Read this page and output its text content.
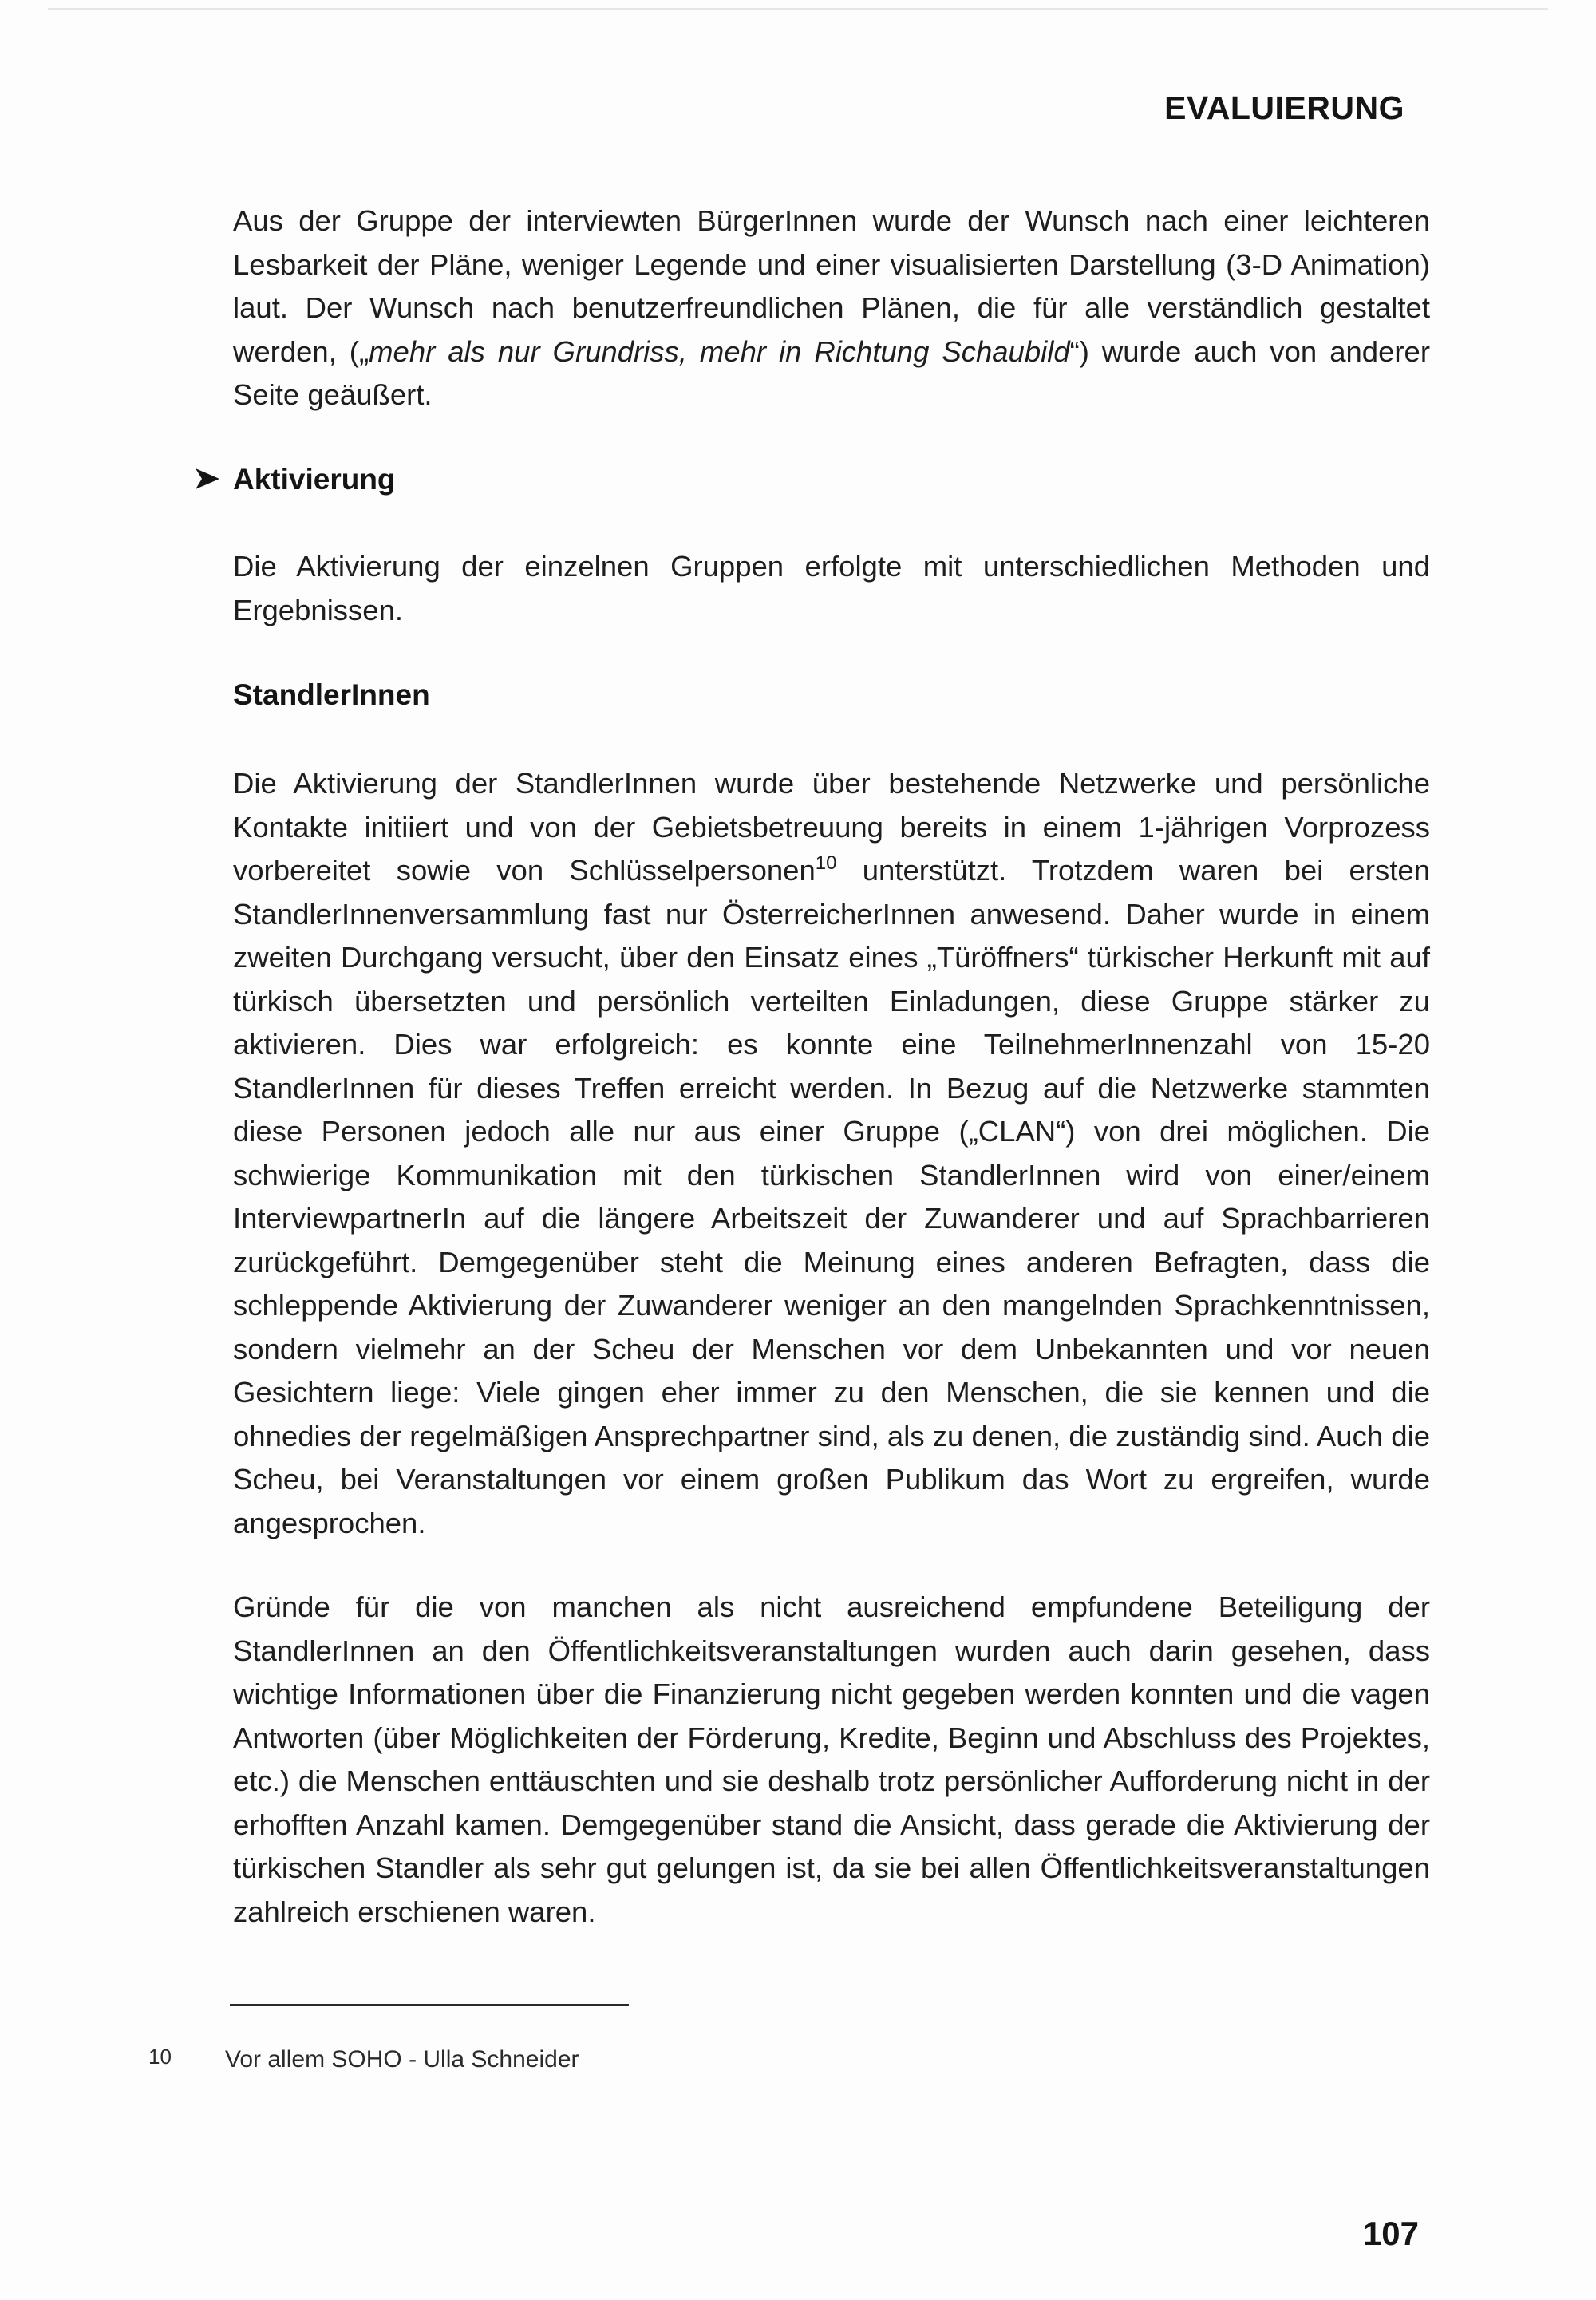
EVALUIERUNG

Aus der Gruppe der interviewten BürgerInnen wurde der Wunsch nach einer leichteren Lesbarkeit der Pläne, weniger Legende und einer visualisierten Darstellung (3-D Animation) laut. Der Wunsch nach benutzerfreundlichen Plänen, die für alle verständlich gestaltet werden, („mehr als nur Grundriss, mehr in Richtung Schaubild“) wurde auch von anderer Seite geäußert.

Aktivierung

Die Aktivierung der einzelnen Gruppen erfolgte mit unterschiedlichen Methoden und Ergebnissen.

StandlerInnen

Die Aktivierung der StandlerInnen wurde über bestehende Netzwerke und persönliche Kontakte initiiert und von der Gebietsbetreuung bereits in einem 1-jährigen Vorprozess vorbereitet sowie von Schlüsselpersonen$^{10}$ unterstützt. Trotzdem waren bei ersten StandlerInnenversammlung fast nur ÖsterreicherInnen anwesend. Daher wurde in einem zweiten Durchgang versucht, über den Einsatz eines „Türöffners“ türkischer Herkunft mit auf türkisch übersetzten und persönlich verteilten Einladungen, diese Gruppe stärker zu aktivieren. Dies war erfolgreich: es konnte eine TeilnehmerInnenzahl von 15-20 StandlerInnen für dieses Treffen erreicht werden. In Bezug auf die Netzwerke stammten diese Personen jedoch alle nur aus einer Gruppe („CLAN“) von drei möglichen. Die schwierige Kommunikation mit den türkischen StandlerInnen wird von einer/einem InterviewpartnerIn auf die längere Arbeitszeit der Zuwanderer und auf Sprachbarrieren zurückgeführt. Demgegenüber steht die Meinung eines anderen Befragten, dass die schleppende Aktivierung der Zuwanderer weniger an den mangelnden Sprachkenntnissen, sondern vielmehr an der Scheu der Menschen vor dem Unbekannten und vor neuen Gesichtern liege: Viele gingen eher immer zu den Menschen, die sie kennen und die ohnedies der regelmäßigen Ansprechpartner sind, als zu denen, die zuständig sind. Auch die Scheu, bei Veranstaltungen vor einem großen Publikum das Wort zu ergreifen, wurde angesprochen.

Gründe für die von manchen als nicht ausreichend empfundene Beteiligung der StandlerInnen an den Öffentlichkeitsveranstaltungen wurden auch darin gesehen, dass wichtige Informationen über die Finanzierung nicht gegeben werden konnten und die vagen Antworten (über Möglichkeiten der Förderung, Kredite, Beginn und Abschluss des Projektes, etc.) die Menschen enttäuschten und sie deshalb trotz persönlicher Aufforderung nicht in der erhofften Anzahl kamen. Demgegenüber stand die Ansicht, dass gerade die Aktivierung der türkischen Standler als sehr gut gelungen ist, da sie bei allen Öffentlichkeitsveranstaltungen zahlreich erschienen waren.

10 Vor allem SOHO - Ulla Schneider
107
